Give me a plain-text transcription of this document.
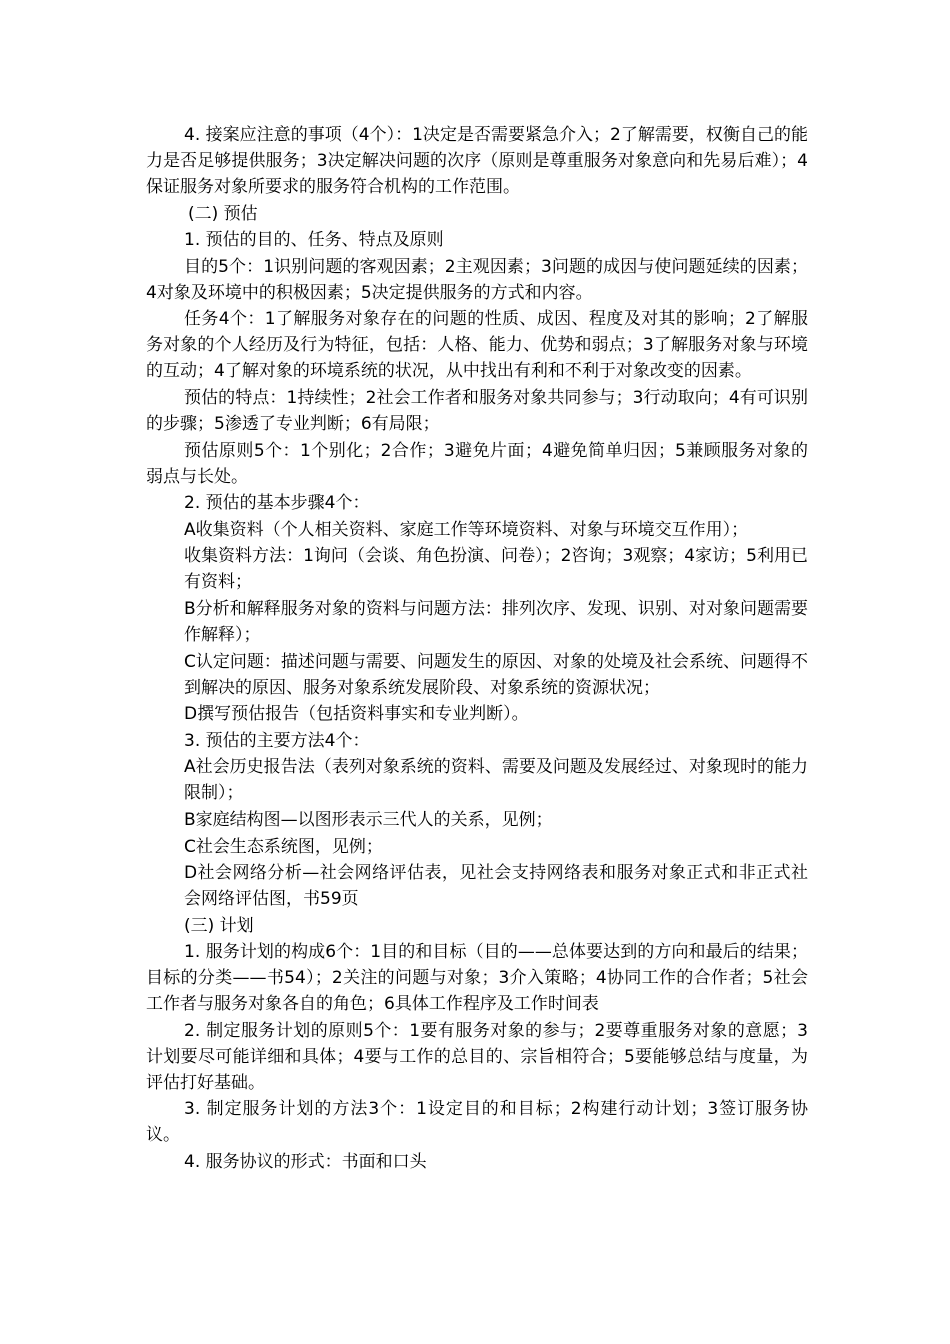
4. 接案应注意的事项（4个）：1决定是否需要紧急介入；2了解需要，权衡自己的能力是否足够提供服务；3决定解决问题的次序（原则是尊重服务对象意向和先易后难）；4保证服务对象所要求的服务符合机构的工作范围。

(二) 预估

1. 预估的目的、任务、特点及原则

目的5个：1识别问题的客观因素；2主观因素；3问题的成因与使问题延续的因素；4对象及环境中的积极因素；5决定提供服务的方式和内容。

任务4个：1了解服务对象存在的问题的性质、成因、程度及对其的影响；2了解服务对象的个人经历及行为特征，包括：人格、能力、优势和弱点；3了解服务对象与环境的互动；4了解对象的环境系统的状况，从中找出有利和不利于对象改变的因素。

预估的特点：1持续性；2社会工作者和服务对象共同参与；3行动取向；4有可识别的步骤；5渗透了专业判断；6有局限；

预估原则5个：1个别化；2合作；3避免片面；4避免简单归因；5兼顾服务对象的弱点与长处。

2. 预估的基本步骤4个：

A收集资料（个人相关资料、家庭工作等环境资料、对象与环境交互作用）；

收集资料方法：1询问（会谈、角色扮演、问卷）；2咨询；3观察；4家访；5利用已有资料；

B分析和解释服务对象的资料与问题方法：排列次序、发现、识别、对对象问题需要作解释）；

C认定问题：描述问题与需要、问题发生的原因、对象的处境及社会系统、问题得不到解决的原因、服务对象系统发展阶段、对象系统的资源状况；

D撰写预估报告（包括资料事实和专业判断）。

3. 预估的主要方法4个：

A社会历史报告法（表列对象系统的资料、需要及问题及发展经过、对象现时的能力限制）；

B家庭结构图—以图形表示三代人的关系，见例；

C社会生态系统图，见例；

D社会网络分析—社会网络评估表，见社会支持网络表和服务对象正式和非正式社会网络评估图，书59页

(三) 计划

1. 服务计划的构成6个：1目的和目标（目的——总体要达到的方向和最后的结果；目标的分类——书54）；2关注的问题与对象；3介入策略；4协同工作的合作者；5社会工作者与服务对象各自的角色；6具体工作程序及工作时间表

2. 制定服务计划的原则5个：1要有服务对象的参与；2要尊重服务对象的意愿；3计划要尽可能详细和具体；4要与工作的总目的、宗旨相符合；5要能够总结与度量，为评估打好基础。

3. 制定服务计划的方法3个：1设定目的和目标；2构建行动计划；3签订服务协议。

4. 服务协议的形式：书面和口头
